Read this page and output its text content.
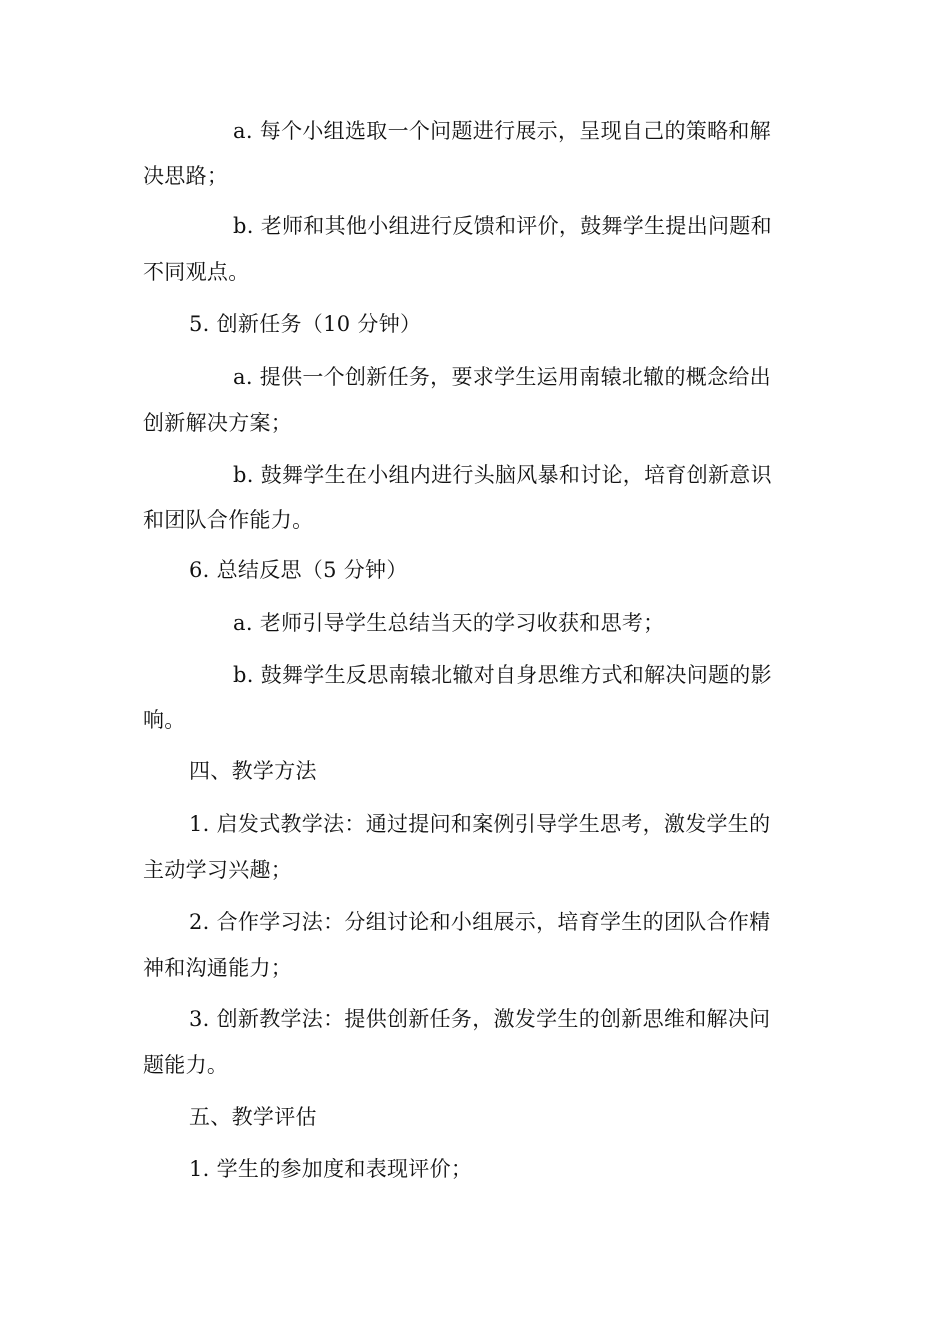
a. 每个小组选取一个问题进行展示，呈现自己的策略和解
决思路；
b. 老师和其他小组进行反馈和评价，鼓舞学生提出问题和
不同观点。
5. 创新任务（10 分钟）
a. 提供一个创新任务，要求学生运用南辕北辙的概念给出
创新解决方案；
b. 鼓舞学生在小组内进行头脑风暴和讨论，培育创新意识
和团队合作能力。
6. 总结反思（5 分钟）
a. 老师引导学生总结当天的学习收获和思考；
b. 鼓舞学生反思南辕北辙对自身思维方式和解决问题的影
响。
四、教学方法
1. 启发式教学法：通过提问和案例引导学生思考，激发学生的
主动学习兴趣；
2. 合作学习法：分组讨论和小组展示，培育学生的团队合作精
神和沟通能力；
3. 创新教学法：提供创新任务，激发学生的创新思维和解决问
题能力。
五、教学评估
1. 学生的参加度和表现评价；
